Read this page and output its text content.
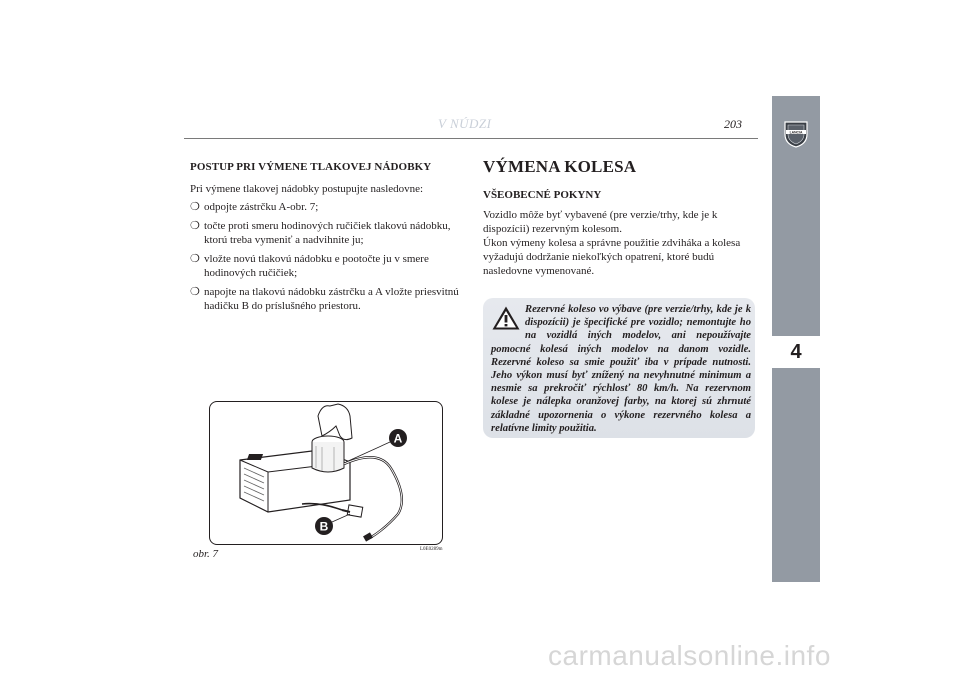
V NÚDZI	203
LANCIA
4
POSTUP PRI VÝMENE TLAKOVEJ NÁDOBKY
Pri výmene tlakovej nádobky postupujte nasledovne:
❍ odpojte zástrčku A-obr. 7;
❍ točte proti smeru hodinových ručičiek tlakovú nádobku, ktorú treba vymeniť a nadvihnite ju;
❍ vložte novú tlakovú nádobku e pootočte ju v smere hodinových ručičiek;
❍ napojte na tlakovú nádobku zástrčku a A vložte priesvitnú hadičku B do príslušného priestoru.
A
B
obr. 7	L0E0289m
VÝMENA KOLESA
VŠEOBECNÉ POKYNY
Vozidlo môže byť vybavené (pre verzie/trhy, kde je k dispozícii) rezervným kolesom.
Úkon výmeny kolesa a správne použitie zdviháka a kolesa vyžadujú dodržanie niekoľkých opatrení, ktoré budú nasledovne vymenované.
Rezervné koleso vo výbave (pre verzie/trhy, kde je k dispozícii) je špecifické pre vozidlo; nemontujte ho na vozidlá iných modelov, ani nepoužívajte pomocné kolesá iných modelov na danom vozidle. Rezervné koleso sa smie použiť iba v prípade nutnosti. Jeho výkon musí byť znížený na nevyhnutné minimum a nesmie sa prekročiť rýchlosť 80 km/h. Na rezervnom kolese je nálepka oranžovej farby, na ktorej sú zhrnuté základné upozornenia o výkone rezervného kolesa a relatívne limity použitia.
carmanualsonline.info
